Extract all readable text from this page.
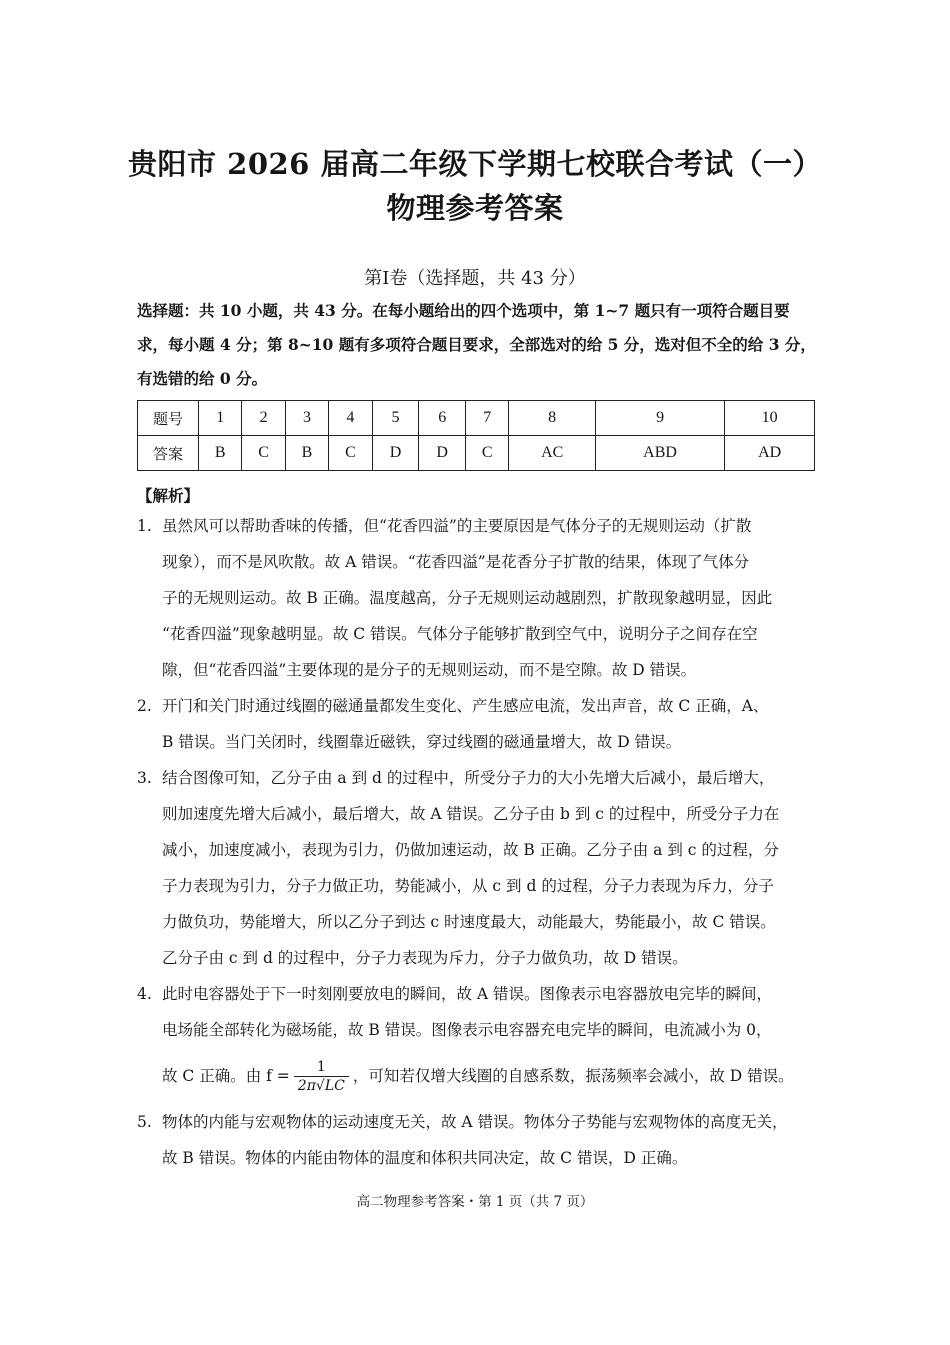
贵阳市 2026 届高二年级下学期七校联合考试（一）
物理参考答案
第Ⅰ卷（选择题，共 43 分）
选择题：共 10 小题，共 43 分。在每小题给出的四个选项中，第 1~7 题只有一项符合题目要
求，每小题 4 分；第 8~10 题有多项符合题目要求，全部选对的给 5 分，选对但不全的给 3 分，
有选错的给 0 分。
题号	1	2	3	4	5	6	7	8	9	10
答案	B	C	B	C	D	D	C	AC	ABD	AD
【解析】
1. 虽然风可以帮助香味的传播，但“花香四溢”的主要原因是气体分子的无规则运动（扩散
现象），而不是风吹散。故 A 错误。“花香四溢”是花香分子扩散的结果，体现了气体分
子的无规则运动。故 B 正确。温度越高，分子无规则运动越剧烈，扩散现象越明显，因此
“花香四溢”现象越明显。故 C 错误。气体分子能够扩散到空气中，说明分子之间存在空
隙，但“花香四溢”主要体现的是分子的无规则运动，而不是空隙。故 D 错误。
2. 开门和关门时通过线圈的磁通量都发生变化、产生感应电流，发出声音，故 C 正确，A、
B 错误。当门关闭时，线圈靠近磁铁，穿过线圈的磁通量增大，故 D 错误。
3. 结合图像可知，乙分子由 a 到 d 的过程中，所受分子力的大小先增大后减小，最后增大，
则加速度先增大后减小，最后增大，故 A 错误。乙分子由 b 到 c 的过程中，所受分子力在
减小，加速度减小，表现为引力，仍做加速运动，故 B 正确。乙分子由 a 到 c 的过程，分
子力表现为引力，分子力做正功，势能减小，从 c 到 d 的过程，分子力表现为斥力，分子
力做负功，势能增大，所以乙分子到达 c 时速度最大，动能最大，势能最小，故 C 错误。
乙分子由 c 到 d 的过程中，分子力表现为斥力，分子力做负功，故 D 错误。
4. 此时电容器处于下一时刻刚要放电的瞬间，故 A 错误。图像表示电容器放电完毕的瞬间，
电场能全部转化为磁场能，故 B 错误。图像表示电容器充电完毕的瞬间，电流减小为 0，
故 C 正确。由 $f = \frac{1}{2\pi√LC}$ ，可知若仅增大线圈的自感系数，振荡频率会减小，故 D 错误。
5. 物体的内能与宏观物体的运动速度无关，故 A 错误。物体分子势能与宏观物体的高度无关，
故 B 错误。物体的内能由物体的温度和体积共同决定，故 C 错误，D 正确。
高二物理参考答案・第 1 页（共 7 页）
